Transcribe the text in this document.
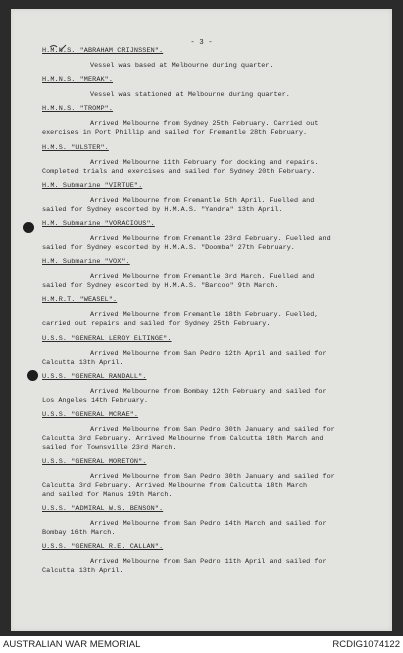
- 3 -
H.M.N.S. "ABRAHAM CRIJNSSEN".
Vessel was based at Melbourne during quarter.
H.M.N.S. "MERAK".
Vessel was stationed at Melbourne during quarter.
H.M.N.S. "TROMP".
Arrived Melbourne from Sydney 25th February. Carried out
exercises in Port Phillip and sailed for Fremantle 28th February.
H.M.S. "ULSTER".
Arrived Melbourne 11th February for docking and repairs.
Completed trials and exercises and sailed for Sydney 20th February.
H.M. Submarine "VIRTUE".
Arrived Melbourne from Fremantle 5th April. Fuelled and
sailed for Sydney escorted by H.M.A.S. "Yandra" 13th April.
H.M. Submarine "VORACIOUS".
Arrived Melbourne from Fremantle 23rd February. Fuelled and
sailed for Sydney escorted by H.M.A.S. "Doomba" 27th February.
H.M. Submarine "VOX".
Arrived Melbourne from Fremantle 3rd March. Fuelled and
sailed for Sydney escorted by H.M.A.S. "Barcoo" 9th March.
H.M.R.T. "WEASEL".
Arrived Melbourne from Fremantle 18th February. Fuelled,
carried out repairs and sailed for Sydney 25th February.
U.S.S. "GENERAL LEROY ELTINGE".
Arrived Melbourne from San Pedro 12th April and sailed for
Calcutta 13th April.
U.S.S. "GENERAL RANDALL".
Arrived Melbourne from Bombay 12th February and sailed for
Los Angeles 14th February.
U.S.S. "GENERAL MCRAE".
Arrived Melbourne from San Pedro 30th January and sailed for
Calcutta 3rd February. Arrived Melbourne from Calcutta 18th March and
sailed for Townsville 23rd March.
U.S.S. "GENERAL MORETON".
Arrived Melbourne from San Pedro 30th January and sailed for
Calcutta 3rd February. Arrived Melbourne from Calcutta 18th March
and sailed for Manus 19th March.
U.S.S. "ADMIRAL W.S. BENSON".
Arrived Melbourne from San Pedro 14th March and sailed for
Bombay 16th March.
U.S.S. "GENERAL R.E. CALLAN".
Arrived Melbourne from San Pedro 11th April and sailed for
Calcutta 13th April.
AUSTRALIAN WAR MEMORIAL	RCDIG1074122
